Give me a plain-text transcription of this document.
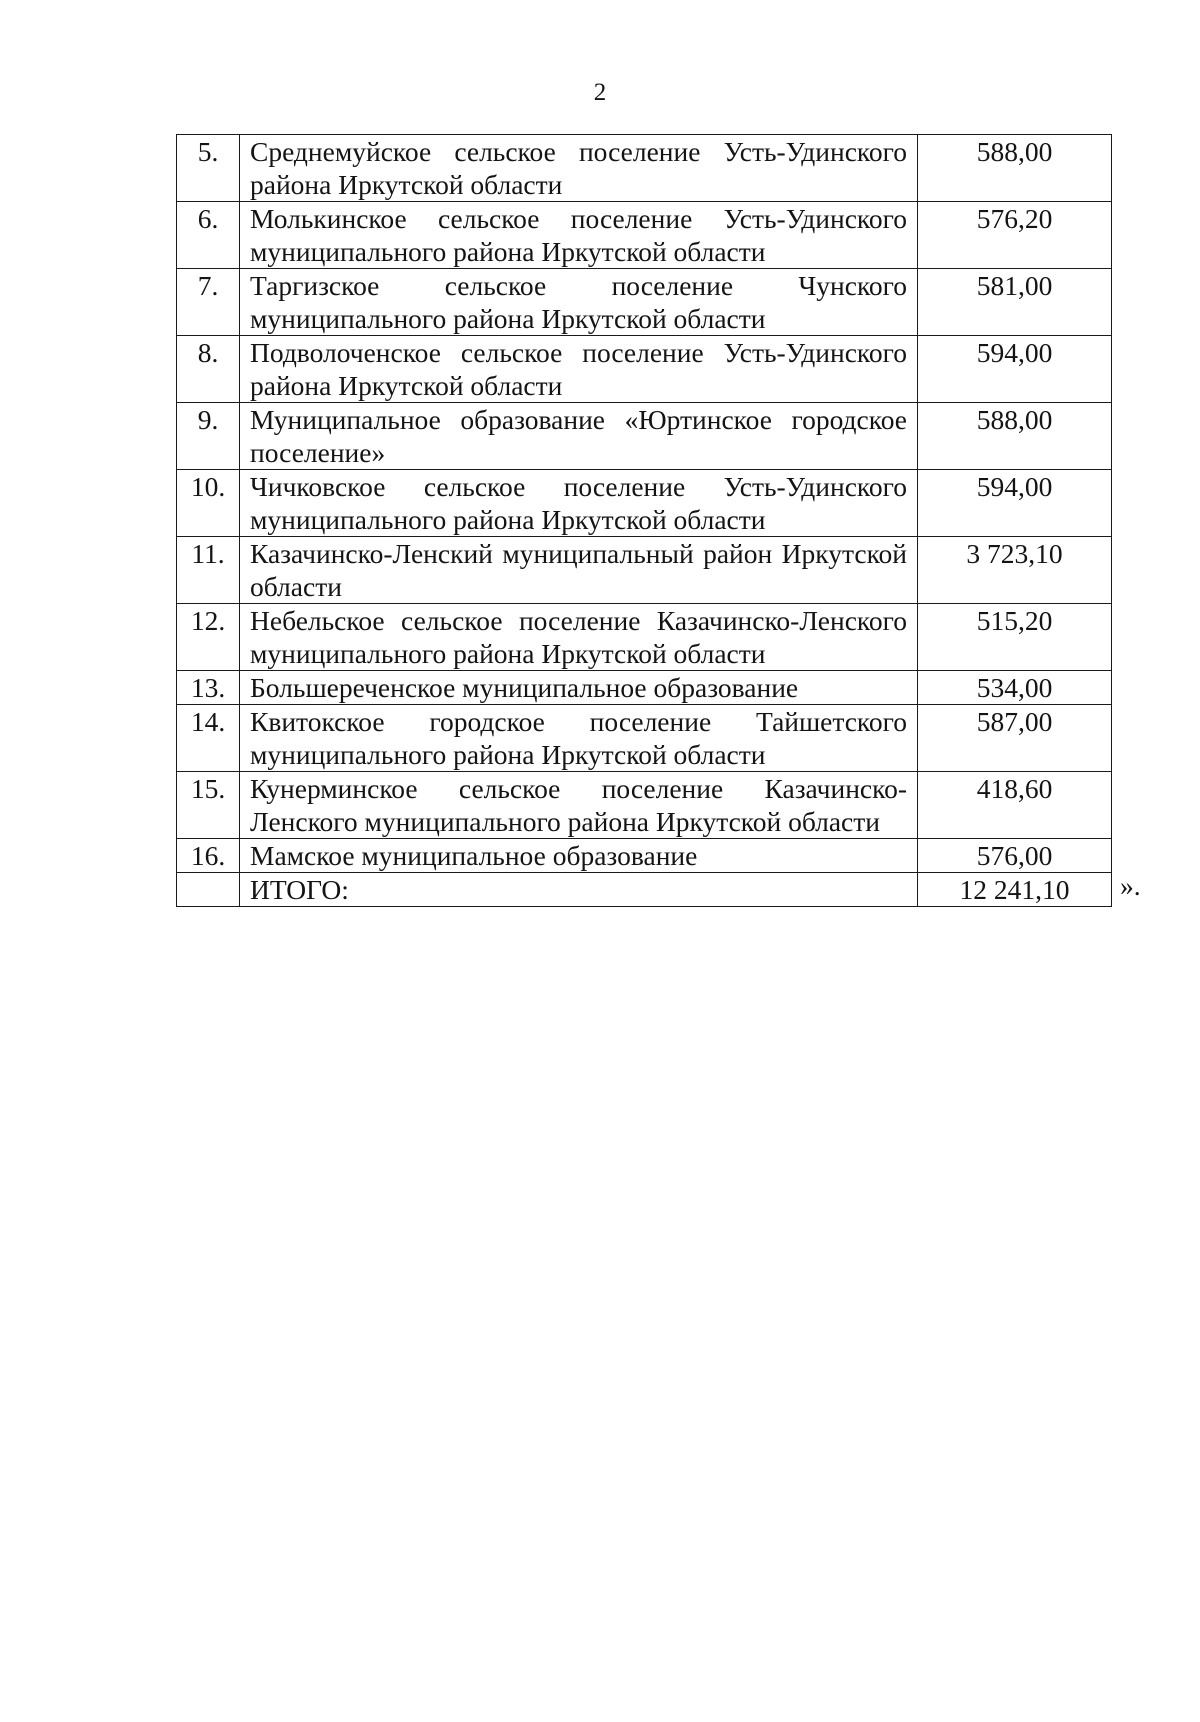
2
5.	Среднемуйское сельское поселение Усть-Удинского района Иркутской области	588,00
6.	Молькинское сельское поселение Усть-Удинского муниципального района Иркутской области	576,20
7.	Таргизское сельское поселение Чунского муниципального района Иркутской области	581,00
8.	Подволоченское сельское поселение Усть-Удинского района Иркутской области	594,00
9.	Муниципальное образование «Юртинское городское поселение»	588,00
10.	Чичковское сельское поселение Усть-Удинского муниципального района Иркутской области	594,00
11.	Казачинско-Ленский муниципальный район Иркутской области	3 723,10
12.	Небельское сельское поселение Казачинско-Ленского муниципального района Иркутской области	515,20
13.	Большереченское муниципальное образование	534,00
14.	Квитокское городское поселение Тайшетского муниципального района Иркутской области	587,00
15.	Кунерминское сельское поселение Казачинско-Ленского муниципального района Иркутской области	418,60
16.	Мамское муниципальное образование	576,00
	ИТОГО:	12 241,10 ».
